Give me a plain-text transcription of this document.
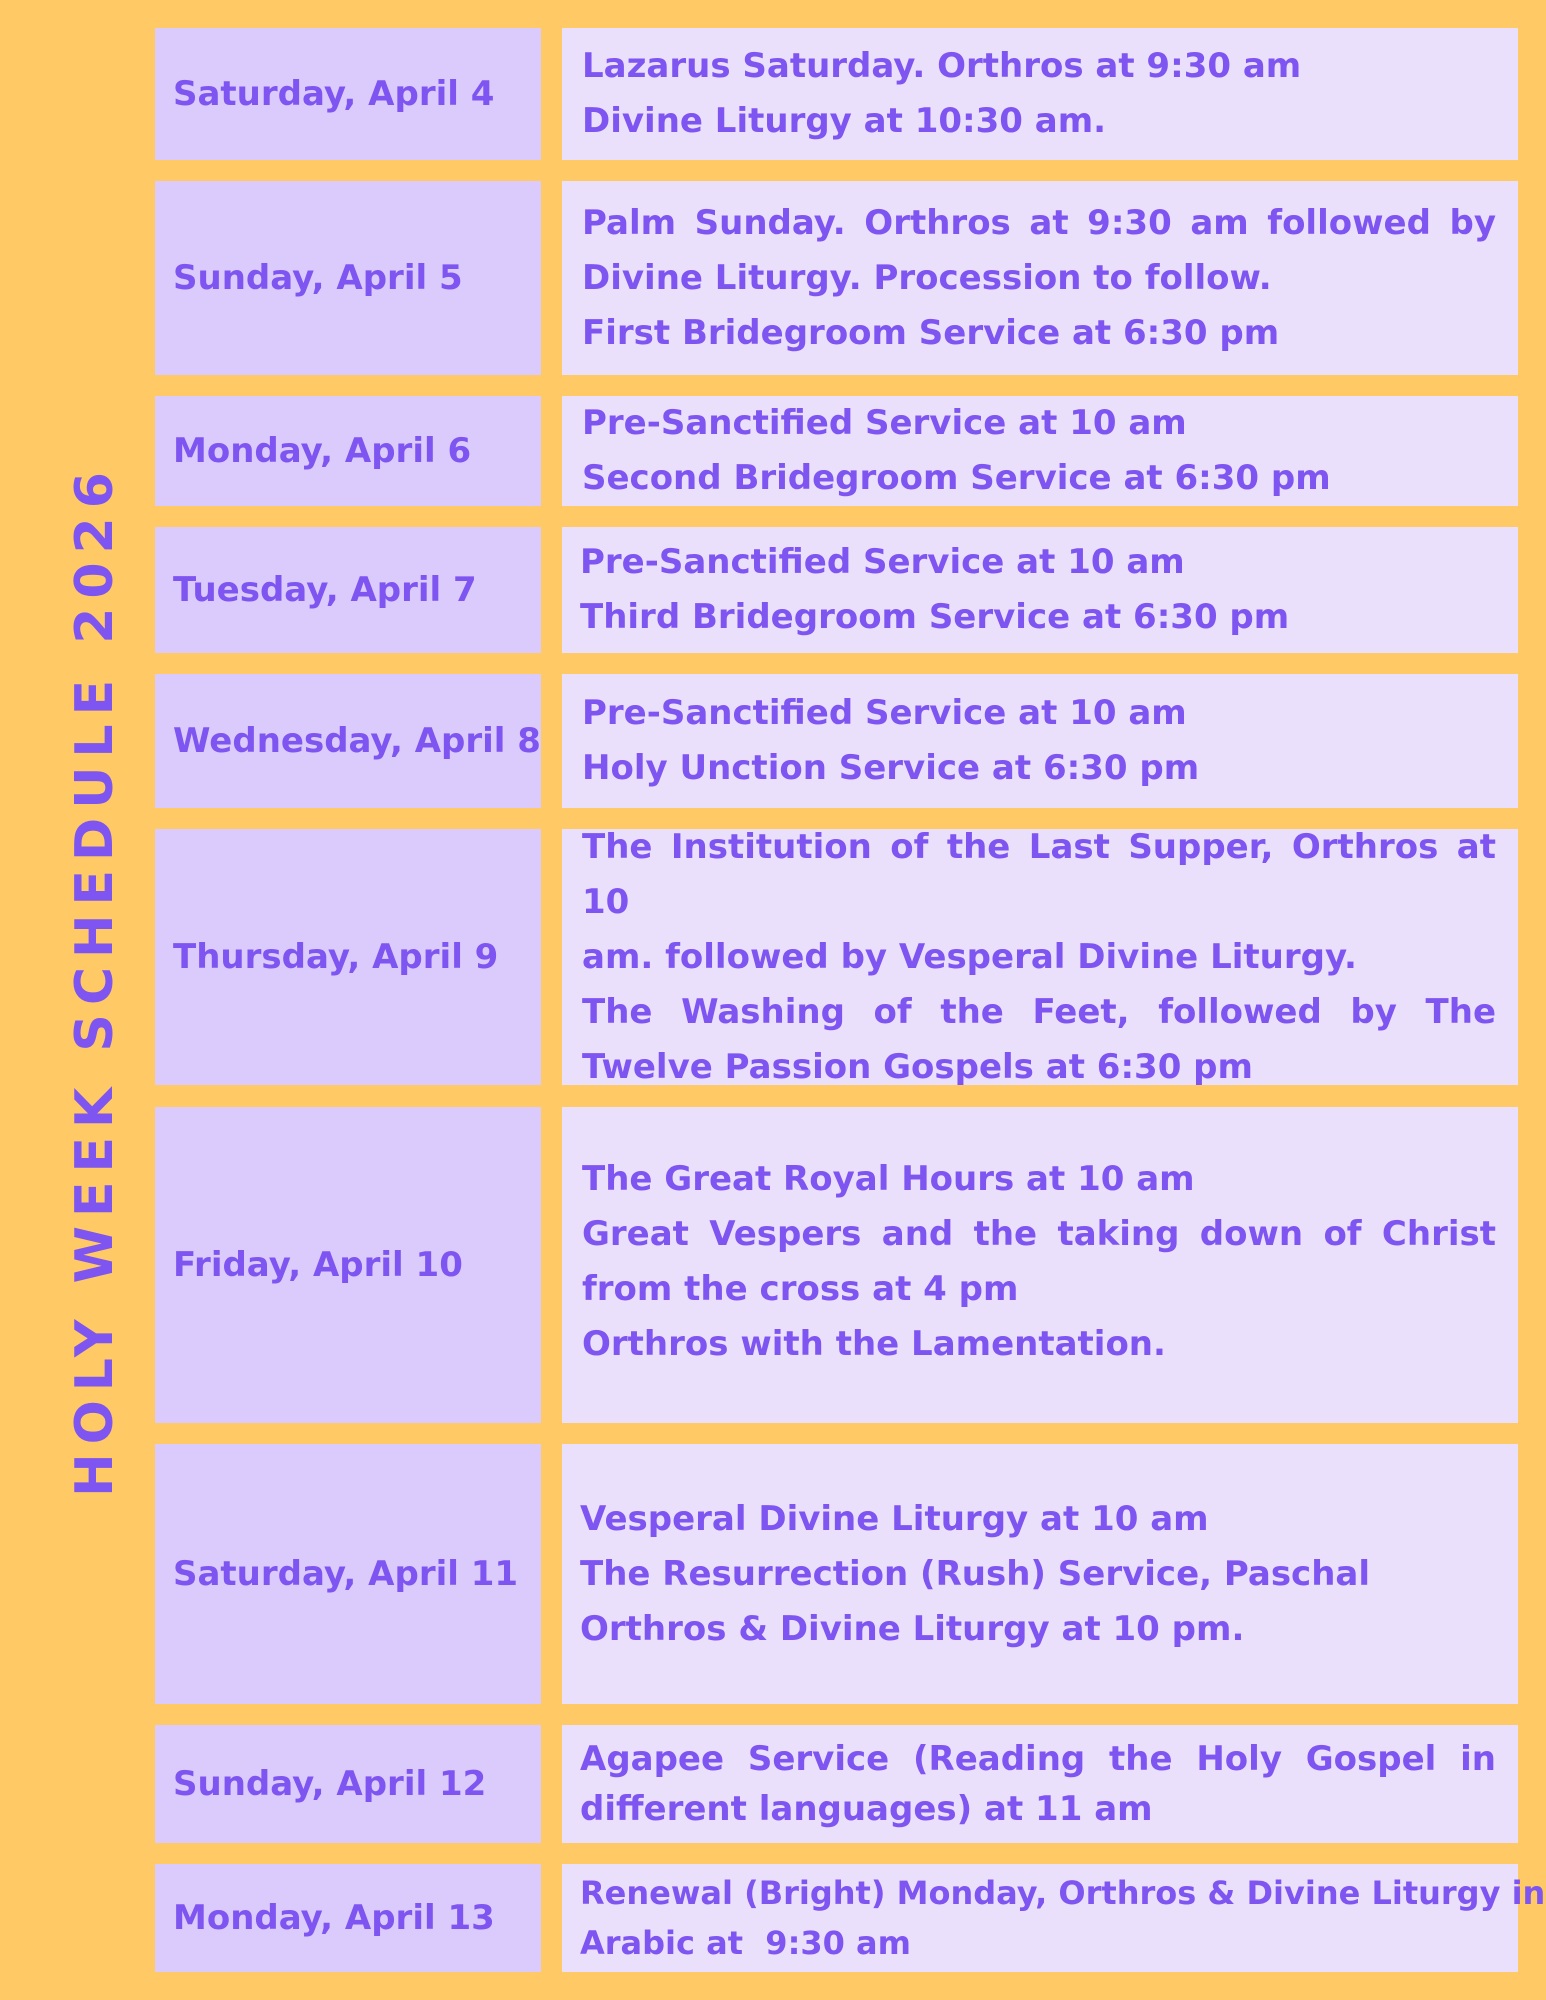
HOLY WEEK SCHEDULE 2026
Saturday, April 4
Lazarus Saturday. Orthros at 9:30 am
Divine Liturgy at 10:30 am.
Sunday, April 5
Palm Sunday. Orthros at 9:30 am followed by
Divine Liturgy. Procession to follow.
First Bridegroom Service at 6:30 pm
Monday, April 6
Pre-Sanctified Service at 10 am
Second Bridegroom Service at 6:30 pm
Tuesday, April 7
Pre-Sanctified Service at 10 am
Third Bridegroom Service at 6:30 pm
Wednesday, April 8
Pre-Sanctified Service at 10 am
Holy Unction Service at 6:30 pm
Thursday, April 9
The Institution of the Last Supper, Orthros at 10
am. followed by Vesperal Divine Liturgy.
The Washing of the Feet, followed by The
Twelve Passion Gospels at 6:30 pm
Friday, April 10
The Great Royal Hours at 10 am
Great Vespers and the taking down of Christ
from the cross at 4 pm
Orthros with the Lamentation.
Saturday, April 11
Vesperal Divine Liturgy at 10 am
The Resurrection (Rush) Service, Paschal
Orthros & Divine Liturgy at 10 pm.
Sunday, April 12
Agapee Service (Reading the Holy Gospel in
different languages) at 11 am
Monday, April 13
Renewal (Bright) Monday, Orthros & Divine Liturgy in
Arabic at  9:30 am
